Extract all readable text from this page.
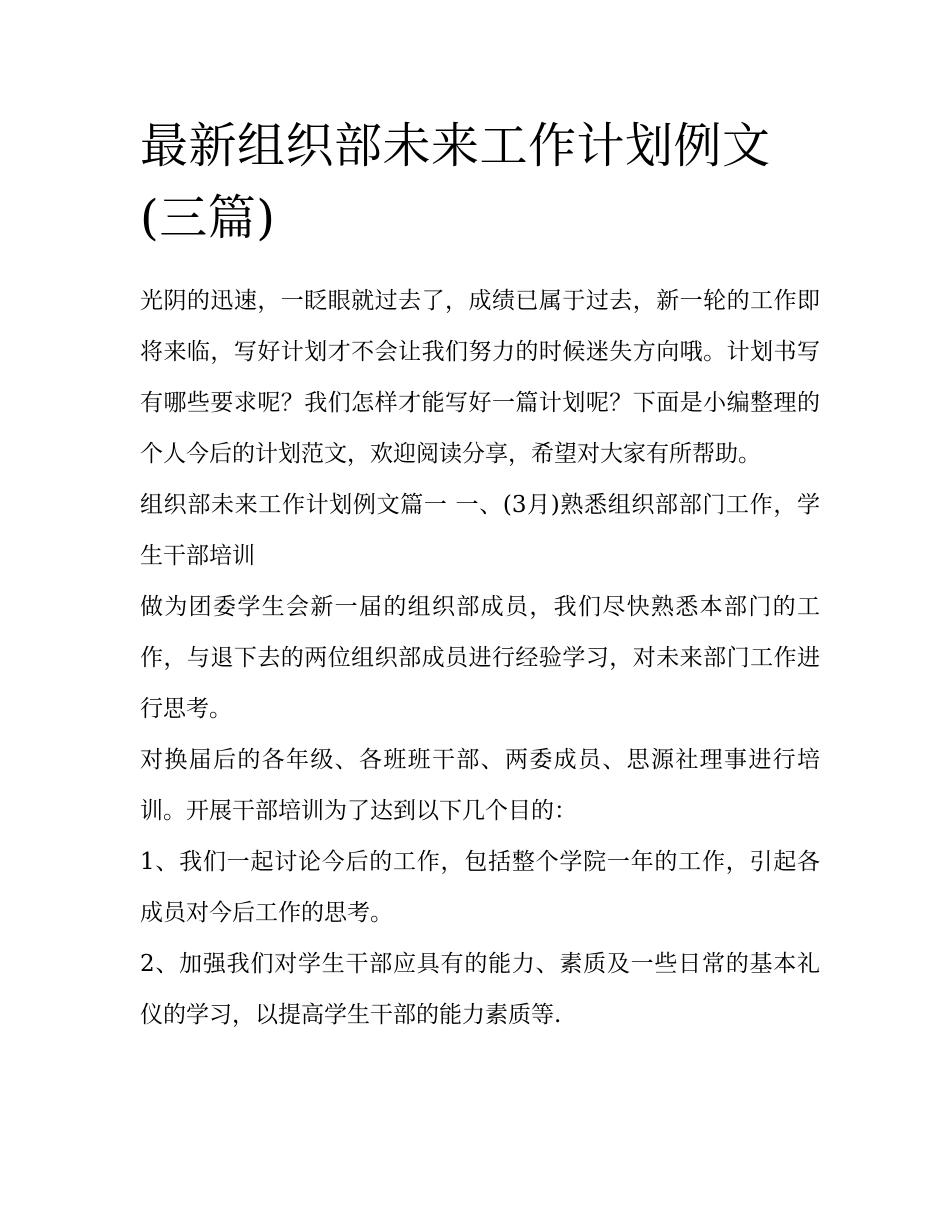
最新组织部未来工作计划例文(三篇)

光阴的迅速，一眨眼就过去了，成绩已属于过去，新一轮的工作即将来临，写好计划才不会让我们努力的时候迷失方向哦。计划书写有哪些要求呢？我们怎样才能写好一篇计划呢？下面是小编整理的个人今后的计划范文，欢迎阅读分享，希望对大家有所帮助。

组织部未来工作计划例文篇一 一、(3月)熟悉组织部部门工作，学生干部培训

做为团委学生会新一届的组织部成员，我们尽快熟悉本部门的工作，与退下去的两位组织部成员进行经验学习，对未来部门工作进行思考。

对换届后的各年级、各班班干部、两委成员、思源社理事进行培训。开展干部培训为了达到以下几个目的：

1、我们一起讨论今后的工作，包括整个学院一年的工作，引起各成员对今后工作的思考。

2、加强我们对学生干部应具有的能力、素质及一些日常的基本礼仪的学习，以提高学生干部的能力素质等.
